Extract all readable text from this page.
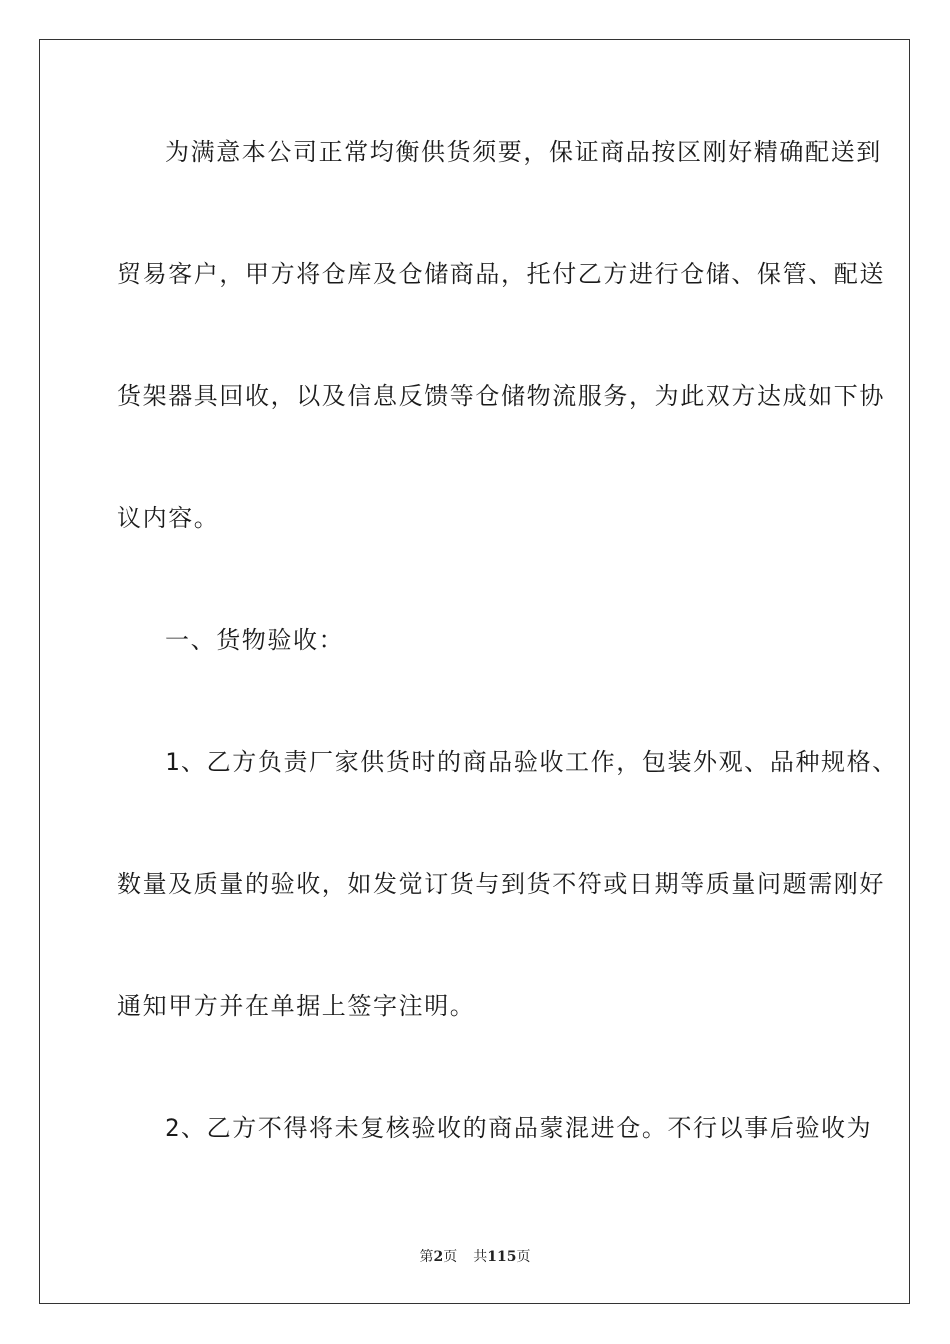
为满意本公司正常均衡供货须要，保证商品按区刚好精确配送到
贸易客户，甲方将仓库及仓储商品，托付乙方进行仓储、保管、配送
货架器具回收，以及信息反馈等仓储物流服务，为此双方达成如下协
议内容。
一、货物验收：
1、乙方负责厂家供货时的商品验收工作，包装外观、品种规格、
数量及质量的验收，如发觉订货与到货不符或日期等质量问题需刚好
通知甲方并在单据上签字注明。
2、乙方不得将未复核验收的商品蒙混进仓。不行以事后验收为
第2页 共115页
